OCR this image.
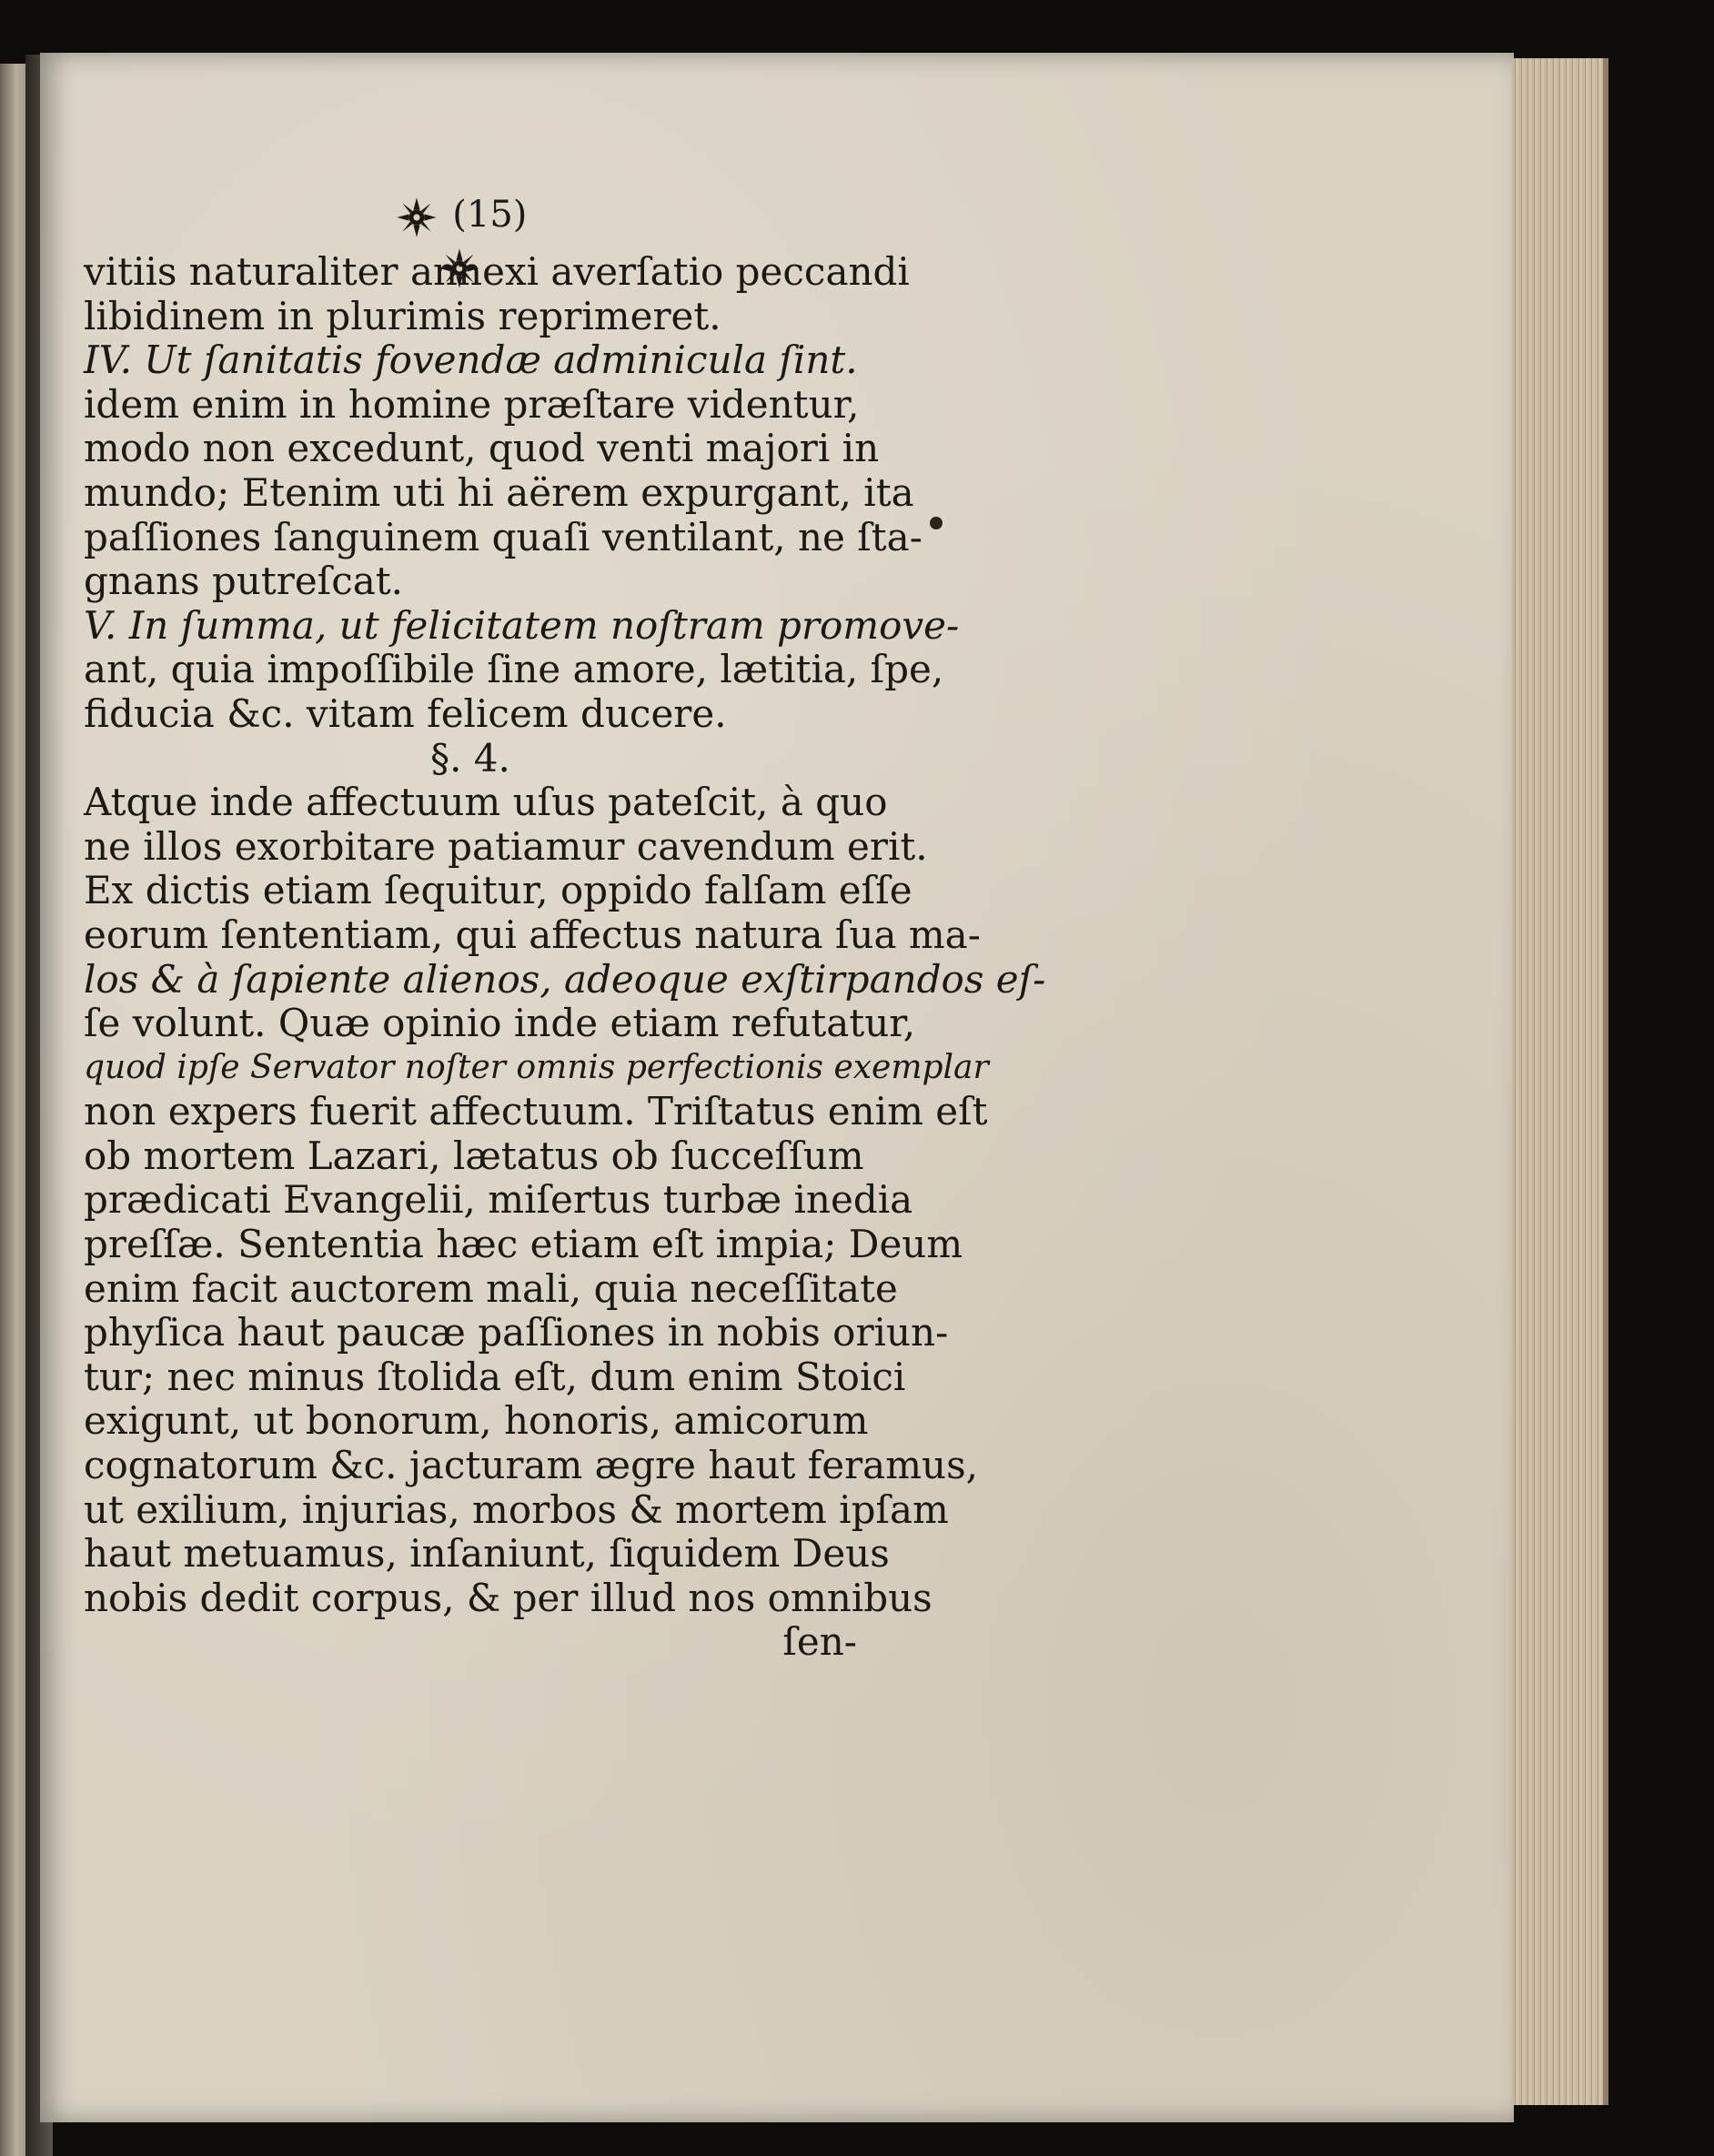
(15)
vitiis naturaliter annexi averſatio peccandi
libidinem in plurimis reprimeret.
IV. Ut ſanitatis fovendæ adminicula ſint.
idem enim in homine præſtare videntur,
modo non excedunt, quod venti majori in
mundo; Etenim uti hi aërem expurgant, ita
paſſiones ſanguinem quaſi ventilant, ne ſta-
gnans putreſcat.
V. In ſumma, ut felicitatem noſtram promove-
ant, quia impoſſibile ſine amore, lætitia, ſpe,
fiducia &c. vitam felicem ducere.
§. 4.
Atque inde affectuum uſus pateſcit, à quo
ne illos exorbitare patiamur cavendum erit.
Ex dictis etiam ſequitur, oppido falſam eſſe
eorum ſententiam, qui affectus natura ſua ma-
los & à ſapiente alienos, adeoque exſtirpandos eſ-
ſe volunt. Quæ opinio inde etiam refutatur,
quod ipſe Servator noſter omnis perfectionis exemplar
non expers fuerit affectuum. Triſtatus enim eſt
ob mortem Lazari, lætatus ob ſucceſſum
prædicati Evangelii, miſertus turbæ inedia
preſſæ. Sententia hæc etiam eſt impia; Deum
enim facit auctorem mali, quia neceſſitate
phyſica haut paucæ paſſiones in nobis oriun-
tur; nec minus ſtolida eſt, dum enim Stoici
exigunt, ut bonorum, honoris, amicorum
cognatorum &c. jacturam ægre haut feramus,
ut exilium, injurias, morbos & mortem ipſam
haut metuamus, inſaniunt, ſiquidem Deus
nobis dedit corpus, & per illud nos omnibus
ſen-
